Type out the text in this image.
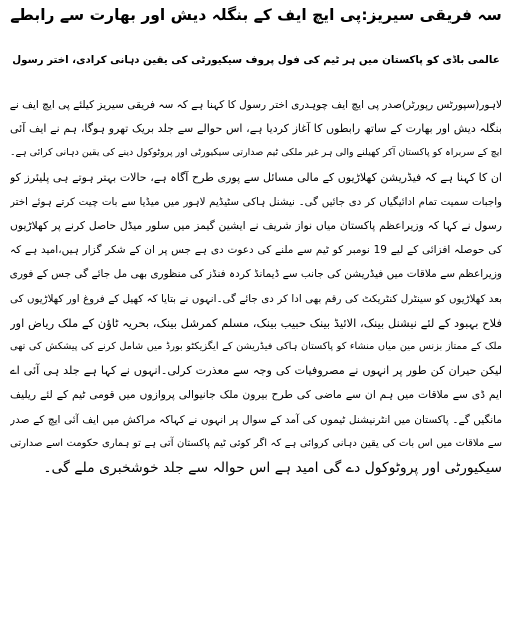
سہ فریقی سیریز:پی ایچ ایف کے بنگلہ دیش اور بھارت سے رابطے
عالمی باڈی کو پاکستان میں ہر ٹیم کی فول پروف سیکیورٹی کی یقین دہانی کرادی، اختر رسول
لاہور(سپورٹس رپورٹر)صدر پی ایچ ایف چوہدری اختر رسول کا کہنا ہے کہ سہ فریقی سیریز کیلئے پی ایچ ایف نے
بنگلہ دیش اور بھارت کے ساتھ رابطوں کا آغاز کردیا ہے، اس حوالے سے جلد بریک تھرو ہوگا، ہم نے ایف آئی
ایچ کے سربراہ کو پاکستان آکر کھیلنے والی ہر غیر ملکی ٹیم صدارتی سیکیورٹی اور پروٹوکول دینے کی یقین دہانی کرائی ہے۔
ان کا کہنا ہے کہ فیڈریشن کھلاڑیوں کے مالی مسائل سے پوری طرح آگاہ ہے، حالات بہتر ہوتے ہی پلیئرز کو
واجبات سمیت تمام ادائیگیاں کر دی جائیں گی۔ نیشنل ہاکی سٹیڈیم لاہور میں میڈیا سے بات چیت کرتے ہوئے اختر
رسول نے کہا کہ وزیراعظم پاکستان میاں نواز شریف نے ایشین گیمز میں سلور میڈل حاصل کرنے پر کھلاڑیوں
کی حوصلہ افزائی کے لیے 19 نومبر کو ٹیم سے ملنے کی دعوت دی ہے جس پر ان کے شکر گزار ہیں،امید ہے کہ
وزیراعظم سے ملاقات میں فیڈریشن کی جانب سے ڈیمانڈ کردہ فنڈز کی منظوری بھی مل جائے گی جس کے فوری
بعد کھلاڑیوں کو سینٹرل کنٹریکٹ کی رقم بھی ادا کر دی جائے گی۔انہوں نے بتایا کہ کھیل کے فروغ اور کھلاڑیوں کی
فلاح بہبود کے لئے نیشنل بینک، الائیڈ بینک حبیب بینک، مسلم کمرشل بینک، بحریہ ٹاؤن کے ملک ریاض اور
ملک کے ممتاز بزنس مین میاں منشاء کو پاکستان ہاکی فیڈریشن کے ایگزیکٹو بورڈ میں شامل کرنے کی پیشکش کی تھی
لیکن حیران کن طور پر انہوں نے مصروفیات کی وجہ سے معذرت کرلی۔انہوں نے کہا ہے جلد ہی آئی اے
ایم ڈی سے ملاقات میں ہم ان سے ماضی کی طرح بیرون ملک جانیوالی پروازوں میں قومی ٹیم کے لئے ریلیف
مانگیں گے۔ پاکستان میں انٹرنیشنل ٹیموں کی آمد کے سوال پر انہوں نے کہاکہ مراکش میں ایف آئی ایچ کے صدر
سے ملاقات میں اس بات کی یقین دہانی کروائی ہے کہ اگر کوئی ٹیم پاکستان آتی ہے تو ہماری حکومت اسے صدارتی
سیکیورٹی اور پروٹوکول دے گی امید ہے اس حوالہ سے جلد خوشخبری ملے گی۔
